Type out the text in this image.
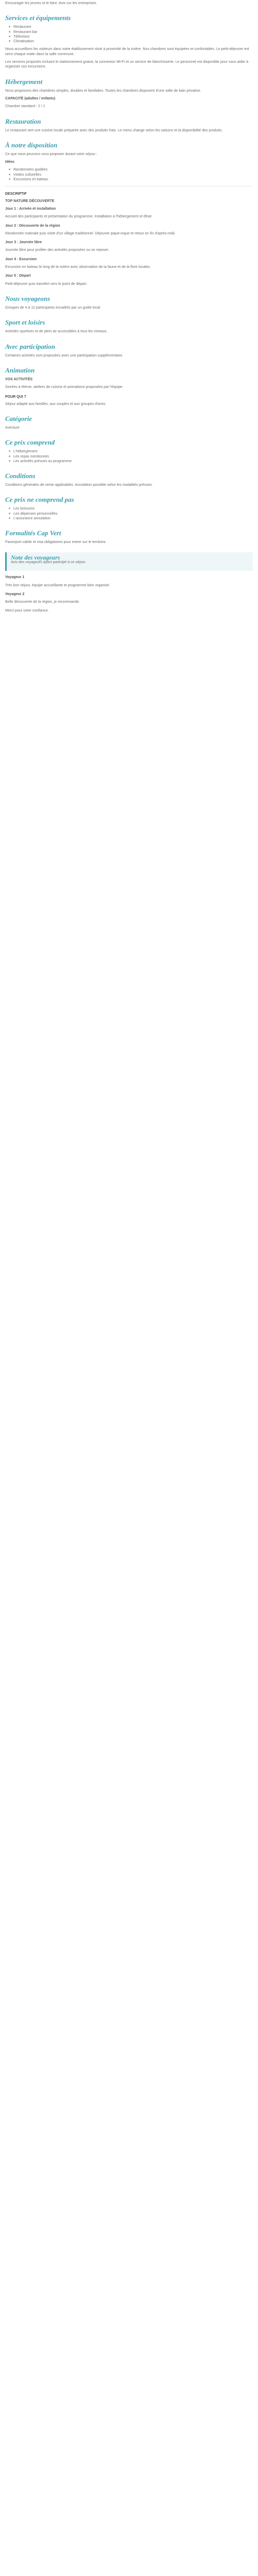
Encourager les jeunes et le faire. Avis sur les entreprises.

Services et équipements
■ Restaurant
■ Restaurant bar
■ Télévision
■ Climatisation

Nous accueillons les visiteurs dans notre établissement situé à proximité de la rivière. Nos chambres sont équipées et confortables. Le petit-déjeuner est servi chaque matin dans la salle commune.

Les services proposés incluent le stationnement gratuit, la connexion Wi-Fi et un service de blanchisserie. Le personnel est disponible pour vous aider à organiser vos excursions.

Hébergement

Nous proposons des chambres simples, doubles et familiales. Toutes les chambres disposent d'une salle de bain privative.

CAPACITÉ (adultes / enfants)

Chambre standard : 2 / 1

Restauration

Le restaurant sert une cuisine locale préparée avec des produits frais. Le menu change selon les saisons et la disponibilité des produits.

À notre disposition

Ce que nous pouvons vous proposer durant votre séjour :

Idées

■ Randonnées guidées
■ Visites culturelles
■ Excursions en bateau

DESCRIPTIF

TOP NATURE DÉCOUVERTE

Jour 1 : Arrivée et installation

Accueil des participants et présentation du programme. Installation à l'hébergement et dîner.

Jour 2 : Découverte de la région

Randonnée matinale puis visite d'un village traditionnel. Déjeuner pique-nique et retour en fin d'après-midi.

Jour 3 : Journée libre

Journée libre pour profiter des activités proposées ou se reposer.

Jour 4 : Excursion

Excursion en bateau le long de la rivière avec observation de la faune et de la flore locales.

Jour 5 : Départ

Petit-déjeuner puis transfert vers le point de départ.

Nous voyageons

Groupes de 4 à 12 participants encadrés par un guide local.

Sport et loisirs

Activités sportives et de plein air accessibles à tous les niveaux.

Avec participation

Certaines activités sont proposées avec une participation supplémentaire.

Animation

VOS ACTIVITÉS

Soirées à thème, ateliers de cuisine et animations proposées par l'équipe.

POUR QUI ?

Séjour adapté aux familles, aux couples et aux groupes d'amis.

Catégorie

Aventure

Ce prix comprend
■ L'hébergement
■ Les repas mentionnés
■ Les activités prévues au programme
Conditions

Conditions générales de vente applicables. Annulation possible selon les modalités prévues.

Ce prix ne comprend pas
■ Les boissons
■ Les dépenses personnelles
■ L'assurance annulation
Formalités Cap Vert

Passeport valide et visa obligatoires pour entrer sur le territoire.

Note des voyageurs

Avis des voyageurs ayant participé à ce séjour.

Voyageur 1

Très bon séjour, équipe accueillante et programme bien organisé.

Voyageur 2

Belle découverte de la région, je recommande.

Merci pour votre confiance.
